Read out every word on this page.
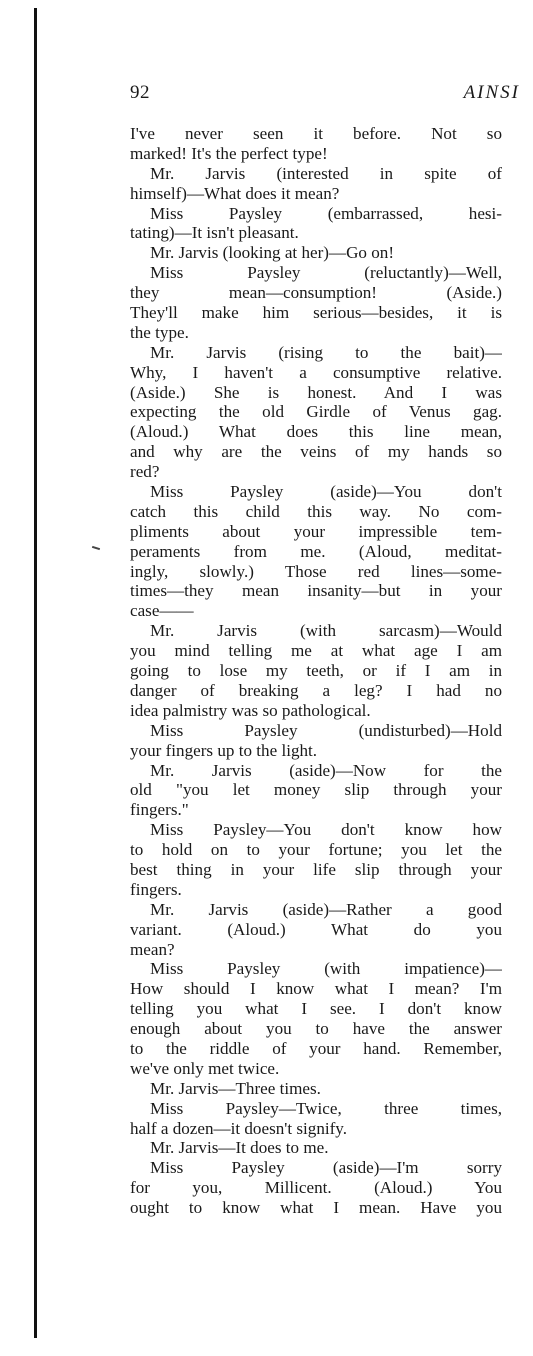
92	AINSI
I've never seen it before. Not so
marked! It's the perfect type!
Mr. Jarvis (interested in spite of
himself)—What does it mean?
Miss Paysley (embarrassed, hesi-
tating)—It isn't pleasant.
Mr. Jarvis (looking at her)—Go on!
Miss Paysley (reluctantly)—Well,
they mean—consumption! (Aside.)
They'll make him serious—besides, it is
the type.
Mr. Jarvis (rising to the bait)—
Why, I haven't a consumptive relative.
(Aside.) She is honest. And I was
expecting the old Girdle of Venus gag.
(Aloud.) What does this line mean,
and why are the veins of my hands so
red?
Miss Paysley (aside)—You don't
catch this child this way. No com-
pliments about your impressible tem-
peraments from me. (Aloud, meditat-
ingly, slowly.) Those red lines—some-
times—they mean insanity—but in your
case——
Mr. Jarvis (with sarcasm)—Would
you mind telling me at what age I am
going to lose my teeth, or if I am in
danger of breaking a leg? I had no
idea palmistry was so pathological.
Miss Paysley (undisturbed)—Hold
your fingers up to the light.
Mr. Jarvis (aside)—Now for the
old "you let money slip through your
fingers."
Miss Paysley—You don't know how
to hold on to your fortune; you let the
best thing in your life slip through your
fingers.
Mr. Jarvis (aside)—Rather a good
variant. (Aloud.) What do you
mean?
Miss Paysley (with impatience)—
How should I know what I mean? I'm
telling you what I see. I don't know
enough about you to have the answer
to the riddle of your hand. Remember,
we've only met twice.
Mr. Jarvis—Three times.
Miss Paysley—Twice, three times,
half a dozen—it doesn't signify.
Mr. Jarvis—It does to me.
Miss Paysley (aside)—I'm sorry
for you, Millicent. (Aloud.) You
ought to know what I mean. Have you
